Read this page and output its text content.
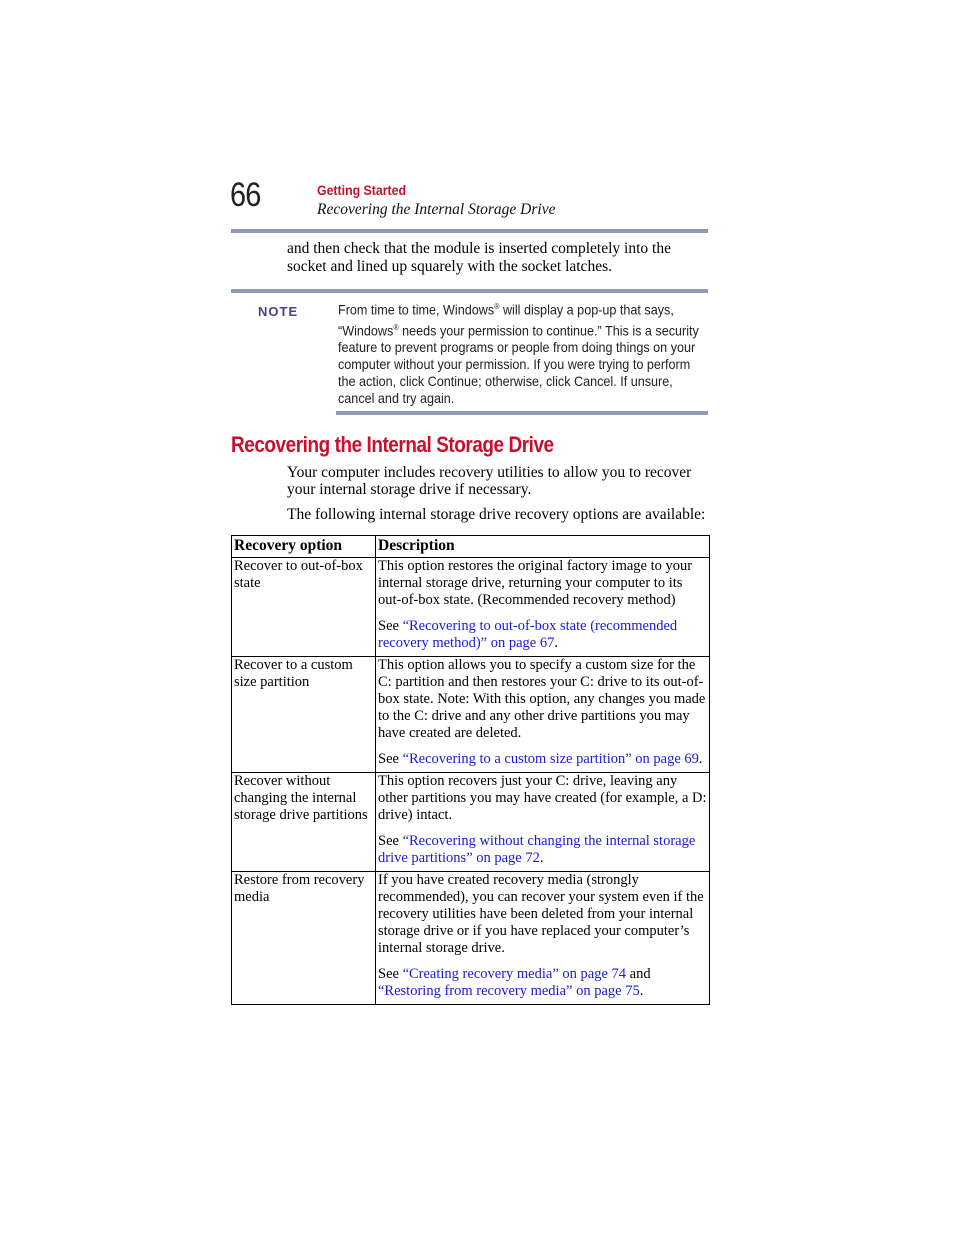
66	Getting Started
Recovering the Internal Storage Drive
and then check that the module is inserted completely into the socket and lined up squarely with the socket latches.
NOTE	From time to time, Windows® will display a pop-up that says, “Windows® needs your permission to continue.” This is a security feature to prevent programs or people from doing things on your computer without your permission. If you were trying to perform the action, click Continue; otherwise, click Cancel. If unsure, cancel and try again.
Recovering the Internal Storage Drive
Your computer includes recovery utilities to allow you to recover your internal storage drive if necessary.
The following internal storage drive recovery options are available:
Recovery option	Description
Recover to out-of-box state	This option restores the original factory image to your internal storage drive, returning your computer to its out-of-box state. (Recommended recovery method)

See “Recovering to out-of-box state (recommended recovery method)” on page 67.

Recover to a custom size partition	This option allows you to specify a custom size for the C: partition and then restores your C: drive to its out-of-box state. Note: With this option, any changes you made to the C: drive and any other drive partitions you may have created are deleted.

See “Recovering to a custom size partition” on page 69.

Recover without changing the internal storage drive partitions	This option recovers just your C: drive, leaving any other partitions you may have created (for example, a D: drive) intact.

See “Recovering without changing the internal storage drive partitions” on page 72.

Restore from recovery media	If you have created recovery media (strongly recommended), you can recover your system even if the recovery utilities have been deleted from your internal storage drive or if you have replaced your computer’s internal storage drive.

See “Creating recovery media” on page 74 and “Restoring from recovery media” on page 75.
